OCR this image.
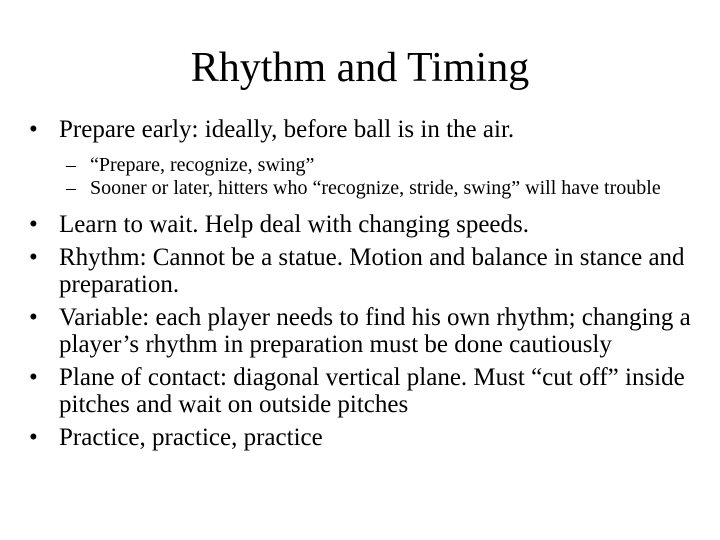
Rhythm and Timing
• Prepare early: ideally, before ball is in the air.
– “Prepare, recognize, swing”
– Sooner or later, hitters who “recognize, stride, swing” will have trouble
• Learn to wait. Help deal with changing speeds.
• Rhythm: Cannot be a statue. Motion and balance in stance and preparation.
• Variable: each player needs to find his own rhythm; changing a player’s rhythm in preparation must be done cautiously
• Plane of contact: diagonal vertical plane. Must “cut off” inside pitches and wait on outside pitches
• Practice, practice, practice
